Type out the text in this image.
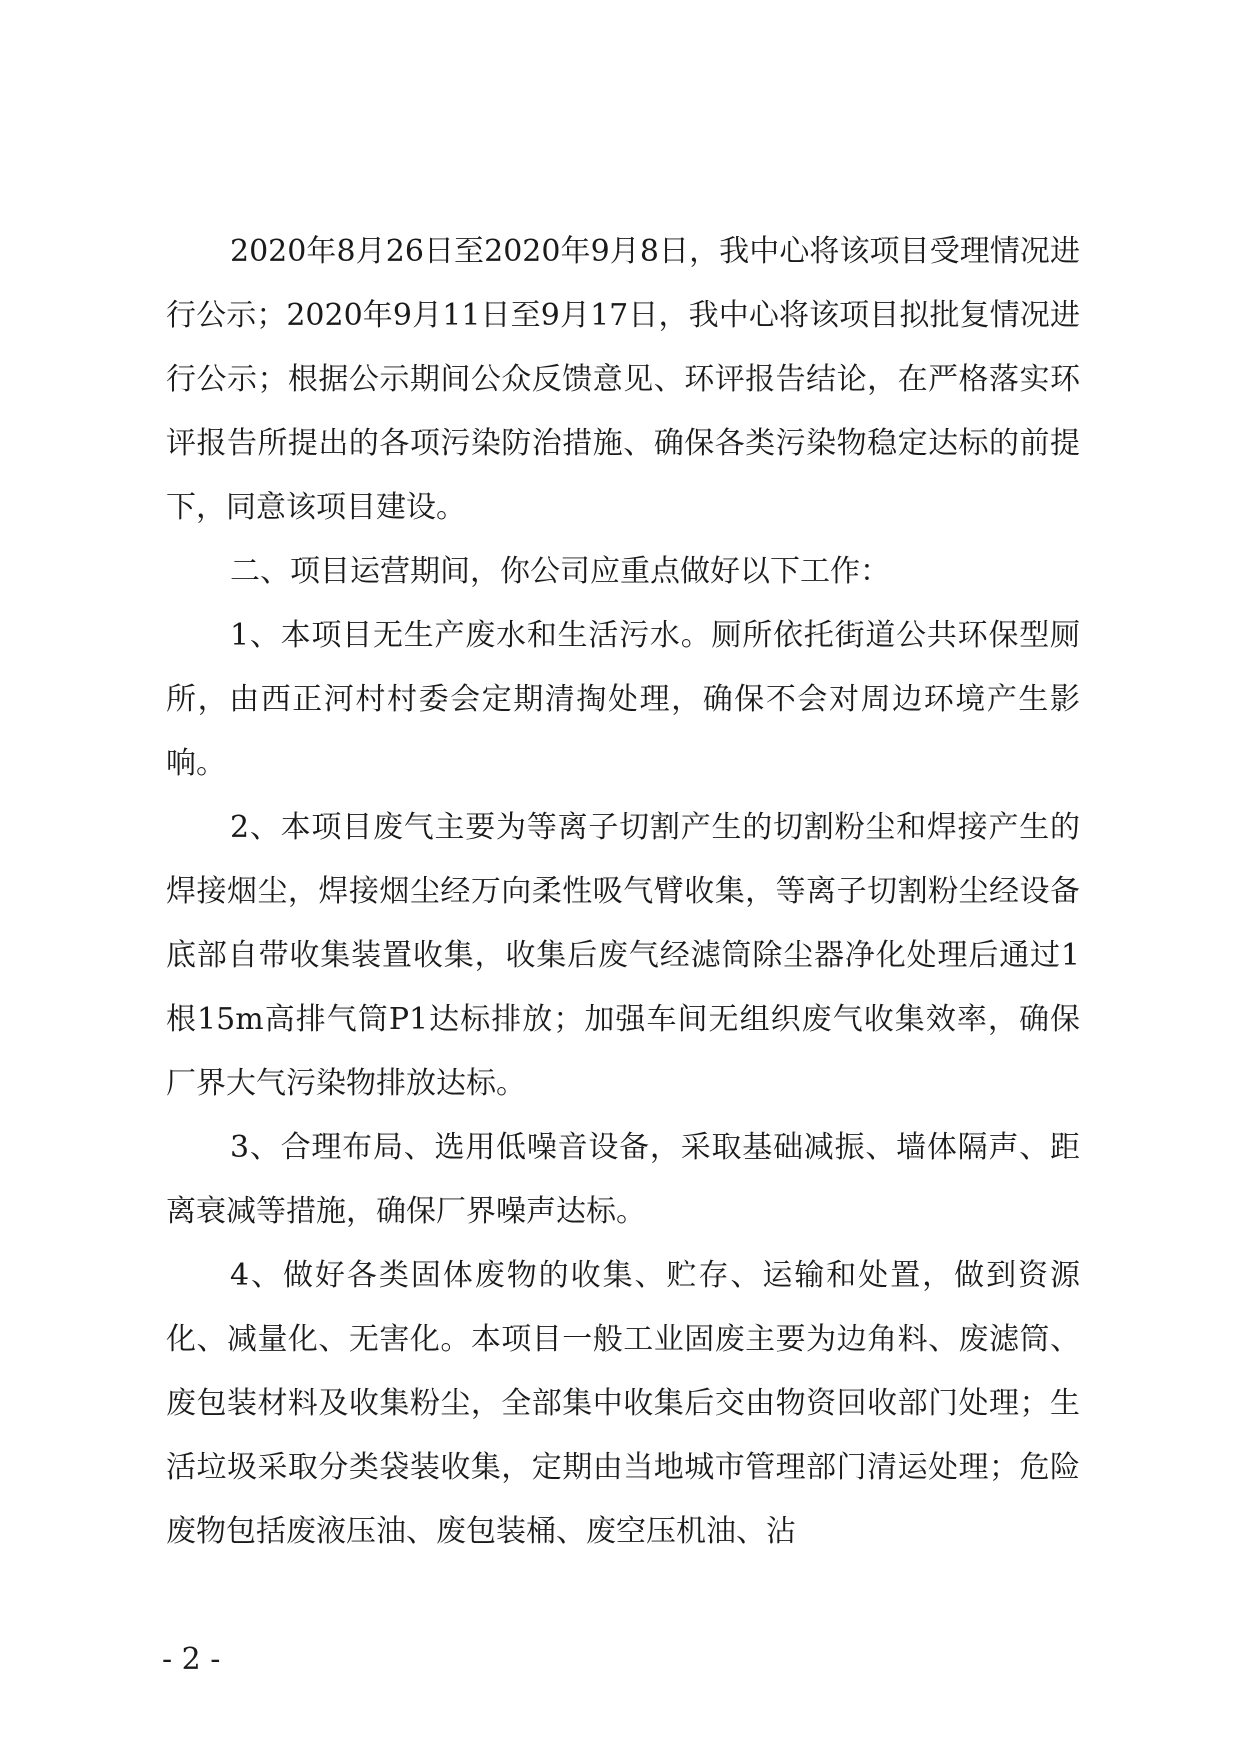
2020年8月26日至2020年9月8日，我中心将该项目受理情况进行公示；2020年9月11日至9月17日，我中心将该项目拟批复情况进行公示；根据公示期间公众反馈意见、环评报告结论，在严格落实环评报告所提出的各项污染防治措施、确保各类污染物稳定达标的前提下，同意该项目建设。

二、项目运营期间，你公司应重点做好以下工作：

1、本项目无生产废水和生活污水。厕所依托街道公共环保型厕所，由西正河村村委会定期清掏处理，确保不会对周边环境产生影响。

2、本项目废气主要为等离子切割产生的切割粉尘和焊接产生的焊接烟尘，焊接烟尘经万向柔性吸气臂收集，等离子切割粉尘经设备底部自带收集装置收集，收集后废气经滤筒除尘器净化处理后通过1根15m高排气筒P1达标排放；加强车间无组织废气收集效率，确保厂界大气污染物排放达标。

3、合理布局、选用低噪音设备，采取基础减振、墙体隔声、距离衰减等措施，确保厂界噪声达标。

4、做好各类固体废物的收集、贮存、运输和处置，做到资源化、减量化、无害化。本项目一般工业固废主要为边角料、废滤筒、废包装材料及收集粉尘，全部集中收集后交由物资回收部门处理；生活垃圾采取分类袋装收集，定期由当地城市管理部门清运处理；危险废物包括废液压油、废包装桶、废空压机油、沾

- 2 -
